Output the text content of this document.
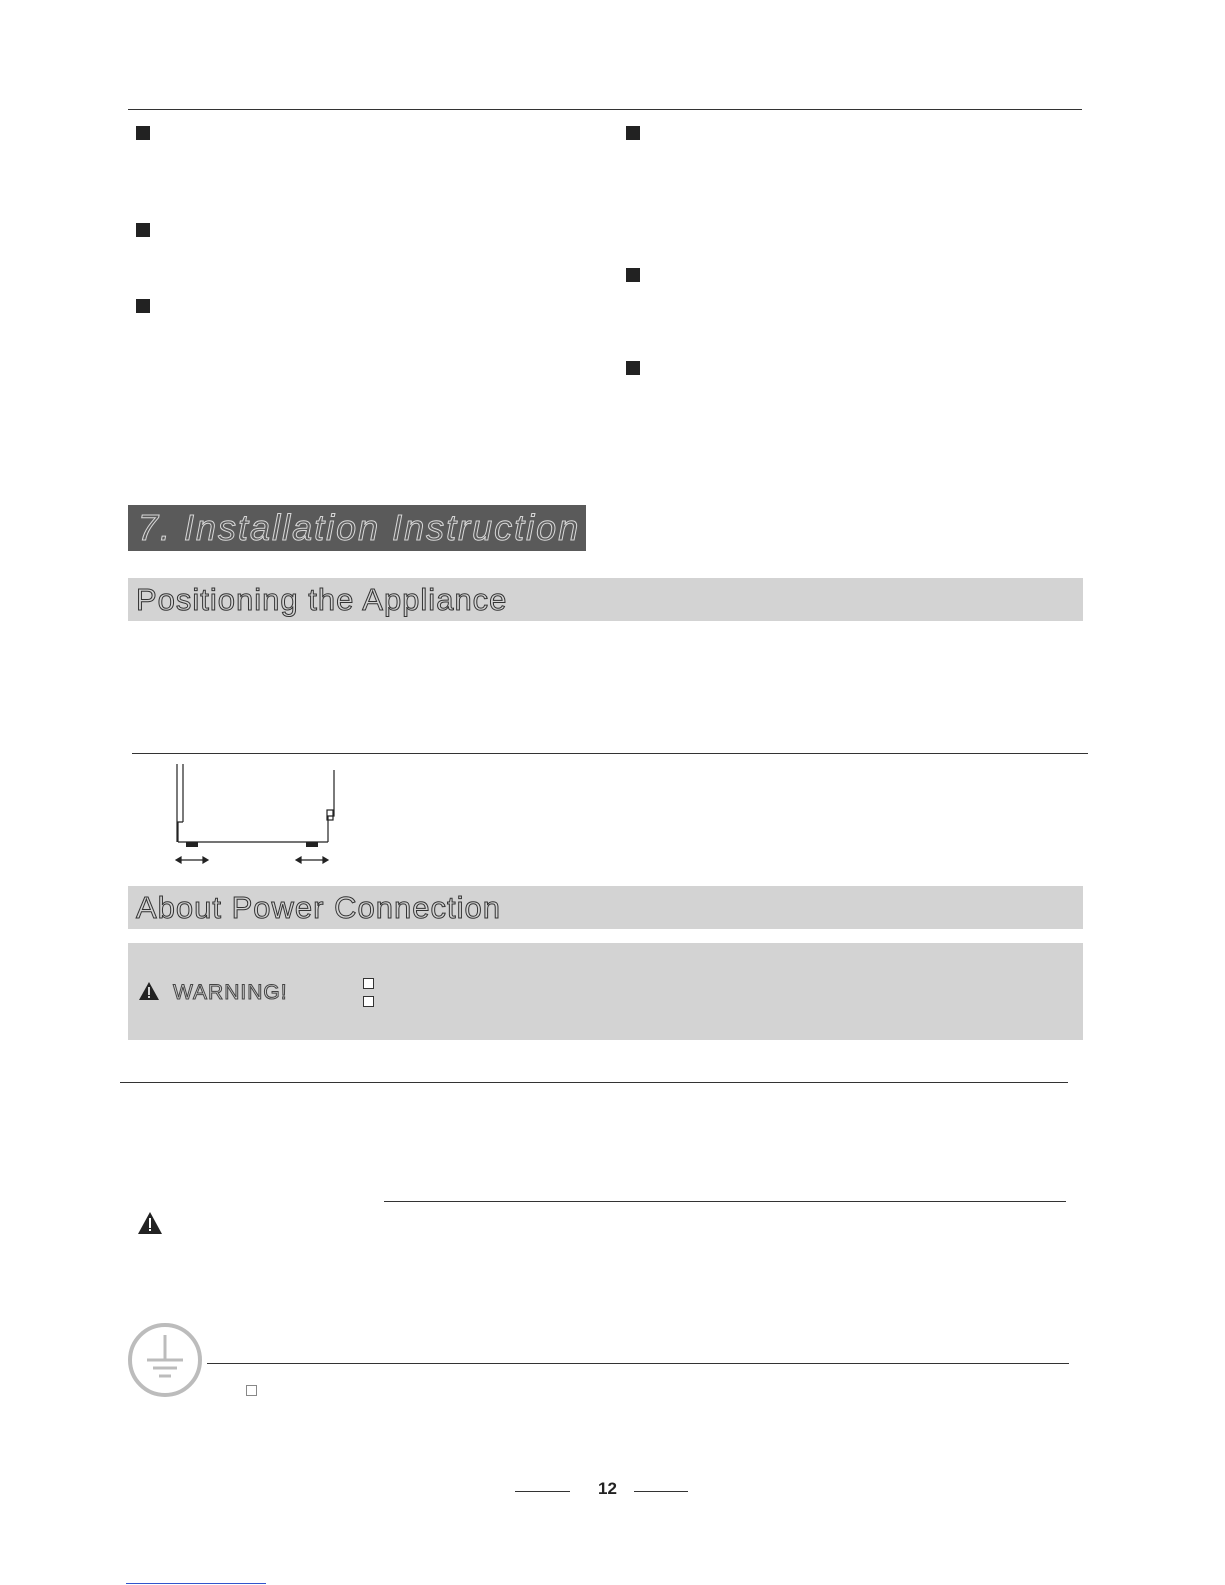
7. Installation Instruction
Positioning the Appliance
About Power Connection
WARNING!
12
